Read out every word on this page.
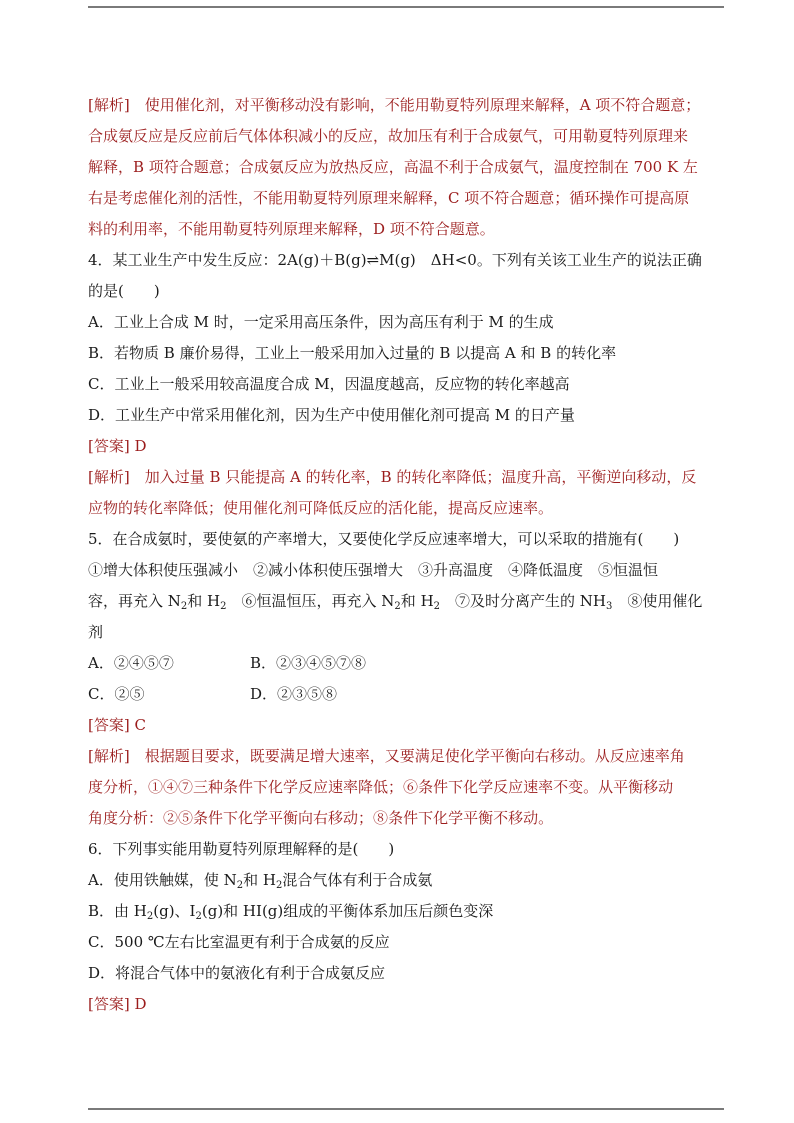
[解析]　使用催化剂，对平衡移动没有影响，不能用勒夏特列原理来解释，A 项不符合题意；
合成氨反应是反应前后气体体积减小的反应，故加压有利于合成氨气，可用勒夏特列原理来
解释，B 项符合题意；合成氨反应为放热反应，高温不利于合成氨气，温度控制在 700 K 左
右是考虑催化剂的活性，不能用勒夏特列原理来解释，C 项不符合题意；循环操作可提高原
料的利用率，不能用勒夏特列原理来解释，D 项不符合题意。
4．某工业生产中发生反应：2A(g)＋B(g)⇌M(g)　ΔH<0。下列有关该工业生产的说法正确
的是(　　)
A．工业上合成 M 时，一定采用高压条件，因为高压有利于 M 的生成
B．若物质 B 廉价易得，工业上一般采用加入过量的 B 以提高 A 和 B 的转化率
C．工业上一般采用较高温度合成 M，因温度越高，反应物的转化率越高
D．工业生产中常采用催化剂，因为生产中使用催化剂可提高 M 的日产量
[答案] D
[解析]　加入过量 B 只能提高 A 的转化率，B 的转化率降低；温度升高，平衡逆向移动，反
应物的转化率降低；使用催化剂可降低反应的活化能，提高反应速率。
5．在合成氨时，要使氨的产率增大，又要使化学反应速率增大，可以采取的措施有(　　)
①增大体积使压强减小　②减小体积使压强增大　③升高温度　④降低温度　⑤恒温恒
容，再充入 $N_2$和 $H_2$　⑥恒温恒压，再充入 $N_2$和 $H_2$　⑦及时分离产生的 $NH_3$　 ⑧使用催化
剂
A．②④⑤⑦	B．②③④⑤⑦⑧
C．②⑤	D．②③⑤⑧
[答案] C
[解析]　根据题目要求，既要满足增大速率，又要满足使化学平衡向右移动。从反应速率角
度分析，①④⑦三种条件下化学反应速率降低；⑥条件下化学反应速率不变。从平衡移动
角度分析：②⑤条件下化学平衡向右移动；⑧条件下化学平衡不移动。
6．下列事实能用勒夏特列原理解释的是(　　)
A．使用铁触媒，使 $N_2$和 $H_2$混合气体有利于合成氨
B．由 $H_2(g)$、$I_2(g)$和 HI(g)组成的平衡体系加压后颜色变深
C．500 ℃左右比室温更有利于合成氨的反应
D．将混合气体中的氨液化有利于合成氨反应
[答案] D
